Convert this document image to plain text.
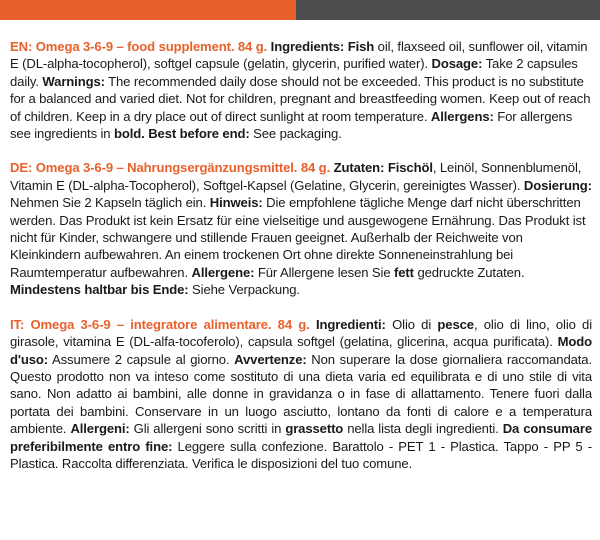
EN: Omega 3-6-9 – food supplement. 84 g. Ingredients: Fish oil, flaxseed oil, sunflower oil, vitamin E (DL-alpha-tocopherol), softgel capsule (gelatin, glycerin, purified water). Dosage: Take 2 capsules daily. Warnings: The recommended daily dose should not be exceeded. This product is no substitute for a balanced and varied diet. Not for children, pregnant and breastfeeding women. Keep out of reach of children. Keep in a dry place out of direct sunlight at room temperature. Allergens: For allergens see ingredients in bold. Best before end: See packaging.

DE: Omega 3-6-9 – Nahrungsergänzungsmittel. 84 g. Zutaten: Fischöl, Leinöl, Sonnenblumenöl, Vitamin E (DL-alpha-Tocopherol), Softgel-Kapsel (Gelatine, Glycerin, gereinigtes Wasser). Dosierung: Nehmen Sie 2 Kapseln täglich ein. Hinweis: Die empfohlene tägliche Menge darf nicht überschritten werden. Das Produkt ist kein Ersatz für eine vielseitige und ausgewogene Ernährung. Das Produkt ist nicht für Kinder, schwangere und stillende Frauen geeignet. Außerhalb der Reichweite von Kleinkindern aufbewahren. An einem trockenen Ort ohne direkte Sonneneinstrahlung bei Raumtemperatur aufbewahren. Allergene: Für Allergene lesen Sie fett gedruckte Zutaten. Mindestens haltbar bis Ende: Siehe Verpackung.

IT: Omega 3-6-9 – integratore alimentare. 84 g. Ingredienti: Olio di pesce, olio di lino, olio di girasole, vitamina E (DL-alfa-tocoferolo), capsula softgel (gelatina, glicerina, acqua purificata). Modo d'uso: Assumere 2 capsule al giorno. Avvertenze: Non superare la dose giornaliera raccomandata. Questo prodotto non va inteso come sostituto di una dieta varia ed equilibrata e di uno stile di vita sano. Non adatto ai bambini, alle donne in gravidanza o in fase di allattamento. Tenere fuori dalla portata dei bambini. Conservare in un luogo asciutto, lontano da fonti di calore e a temperatura ambiente. Allergeni: Gli allergeni sono scritti in grassetto nella lista degli ingredienti. Da consumare preferibilmente entro fine: Leggere sulla confezione. Barattolo - PET 1 - Plastica. Tappo - PP 5 - Plastica. Raccolta differenziata. Verifica le disposizioni del tuo comune.
